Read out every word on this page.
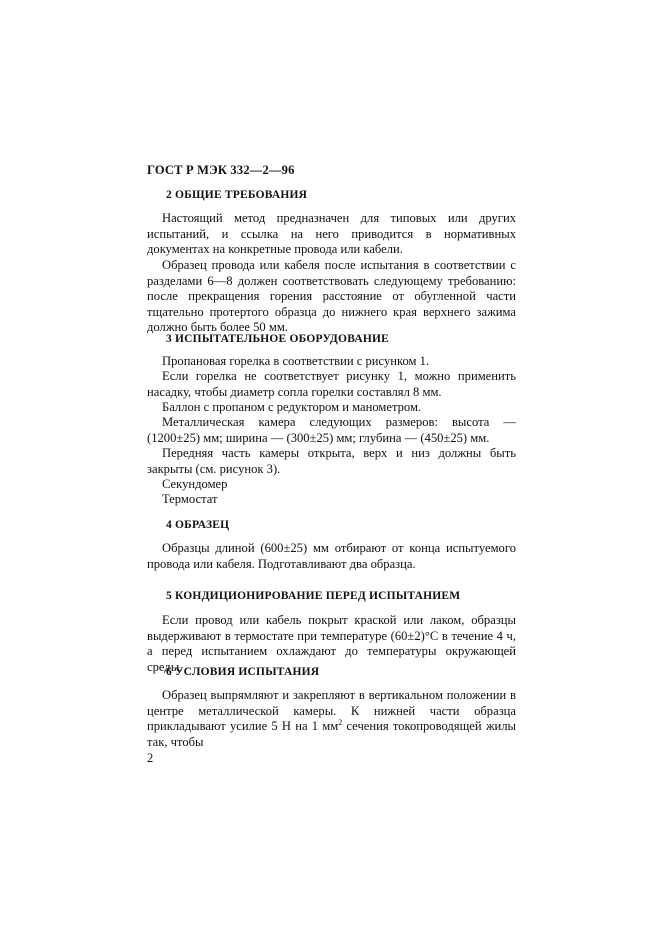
ГОСТ Р МЭК 332—2—96
2 ОБЩИЕ ТРЕБОВАНИЯ
Настоящий метод предназначен для типовых или других испытаний, и ссылка на него приводится в нормативных документах на конкретные провода или кабели.
Образец провода или кабеля после испытания в соответствии с разделами 6—8 должен соответствовать следующему требованию: после прекращения горения расстояние от обугленной части тщательно протертого образца до нижнего края верхнего зажима должно быть более 50 мм.
3 ИСПЫТАТЕЛЬНОЕ ОБОРУДОВАНИЕ
Пропановая горелка в соответствии с рисунком 1.
Если горелка не соответствует рисунку 1, можно применить насадку, чтобы диаметр сопла горелки составлял 8 мм.
Баллон с пропаном с редуктором и манометром.
Металлическая камера следующих размеров: высота — (1200±25) мм; ширина — (300±25) мм; глубина — (450±25) мм.
Передняя часть камеры открыта, верх и низ должны быть закрыты (см. рисунок 3).
Секундомер
Термостат
4 ОБРАЗЕЦ
Образцы длиной (600±25) мм отбирают от конца испытуемого провода или кабеля. Подготавливают два образца.
5 КОНДИЦИОНИРОВАНИЕ ПЕРЕД ИСПЫТАНИЕМ
Если провод или кабель покрыт краской или лаком, образцы выдерживают в термостате при температуре (60±2)°С в течение 4 ч, а перед испытанием охлаждают до температуры окружающей среды.
6 УСЛОВИЯ ИСПЫТАНИЯ
Образец выпрямляют и закрепляют в вертикальном положении в центре металлической камеры. К нижней части образца прикладывают усилие 5 Н на 1 $мм^2$ сечения токопроводящей жилы так, чтобы
2
